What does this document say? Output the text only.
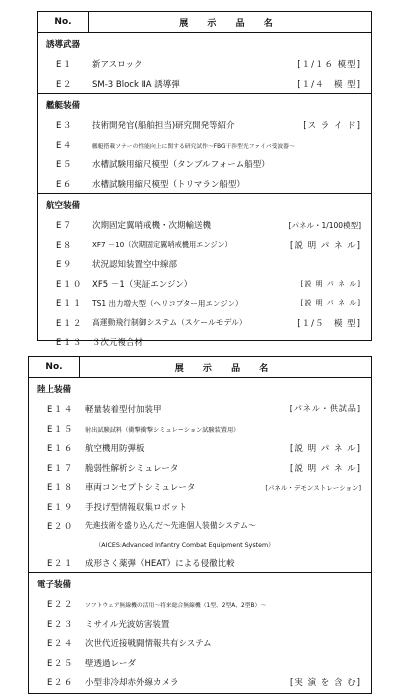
No.	展 示 品 名
誘導武器
E１ 新アスロック	[１/１６ 模型]
E２ SM-3 Block ⅡA 誘導弾	[１/４　模 型]
艦艇装備
E３ 技術開発官(船舶担当)研究開発等紹介	[ス ラ イ ド]
E４	艦艇搭載ソナーの性能向上に関する研究試作～FBG干渉型光ファイバ受波器～
E５ 水槽試験用縮尺模型（タンブルフォーム船型）
E６ 水槽試験用縮尺模型（トリマラン船型）
航空装備
E７ 次期固定翼哨戒機・次期輸送機	[パネル・1/100模型]
E８	XF7 －10（次期固定翼哨戒機用エンジン）	[説 明 パ ネ ル]
E９ 状況認知装置空中線部
E１０ XF5 －1（実証エンジン）	[説 明 パ ネ ル]
E１１ TS1 出力増大型（ヘリコプター用エンジン）	[説 明 パ ネ ル]
E１２ 高運動飛行制御システム（スケールモデル）	[１/５　模 型]
E１３ ３次元複合材
No.	展 示 品 名
陸上装備
E１４ 軽量装着型付加装甲	[パネル・供試品]
E１５ 射出試験試料（衝撃衝撃シミュレーション試験装置用）
E１６ 航空機用防弾板	[説 明 パ ネ ル]
E１７ 脆弱性解析シミュレータ	[説 明 パ ネ ル]
E１８ 車両コンセプトシミュレータ	[パネル・デモンストレーション]
E１９ 手投げ型情報収集ロボット
E２０ 先進技術を盛り込んだ～先進個人装備システム～
（AICES:Advanced Infantry Combat Equipment System）
E２１ 成形さく薬弾（HEAT）による侵徹比較
電子装備
E２２ ソフトウェア無線機の活用～将来総合無線機（1型、2型A、2型B）～
E２３ ミサイル光波妨害装置
E２４ 次世代近接戦闘情報共有システム
E２５ 壁透過レーダ
E２６ 小型非冷却赤外線カメラ	[実 演 を 含 む]
